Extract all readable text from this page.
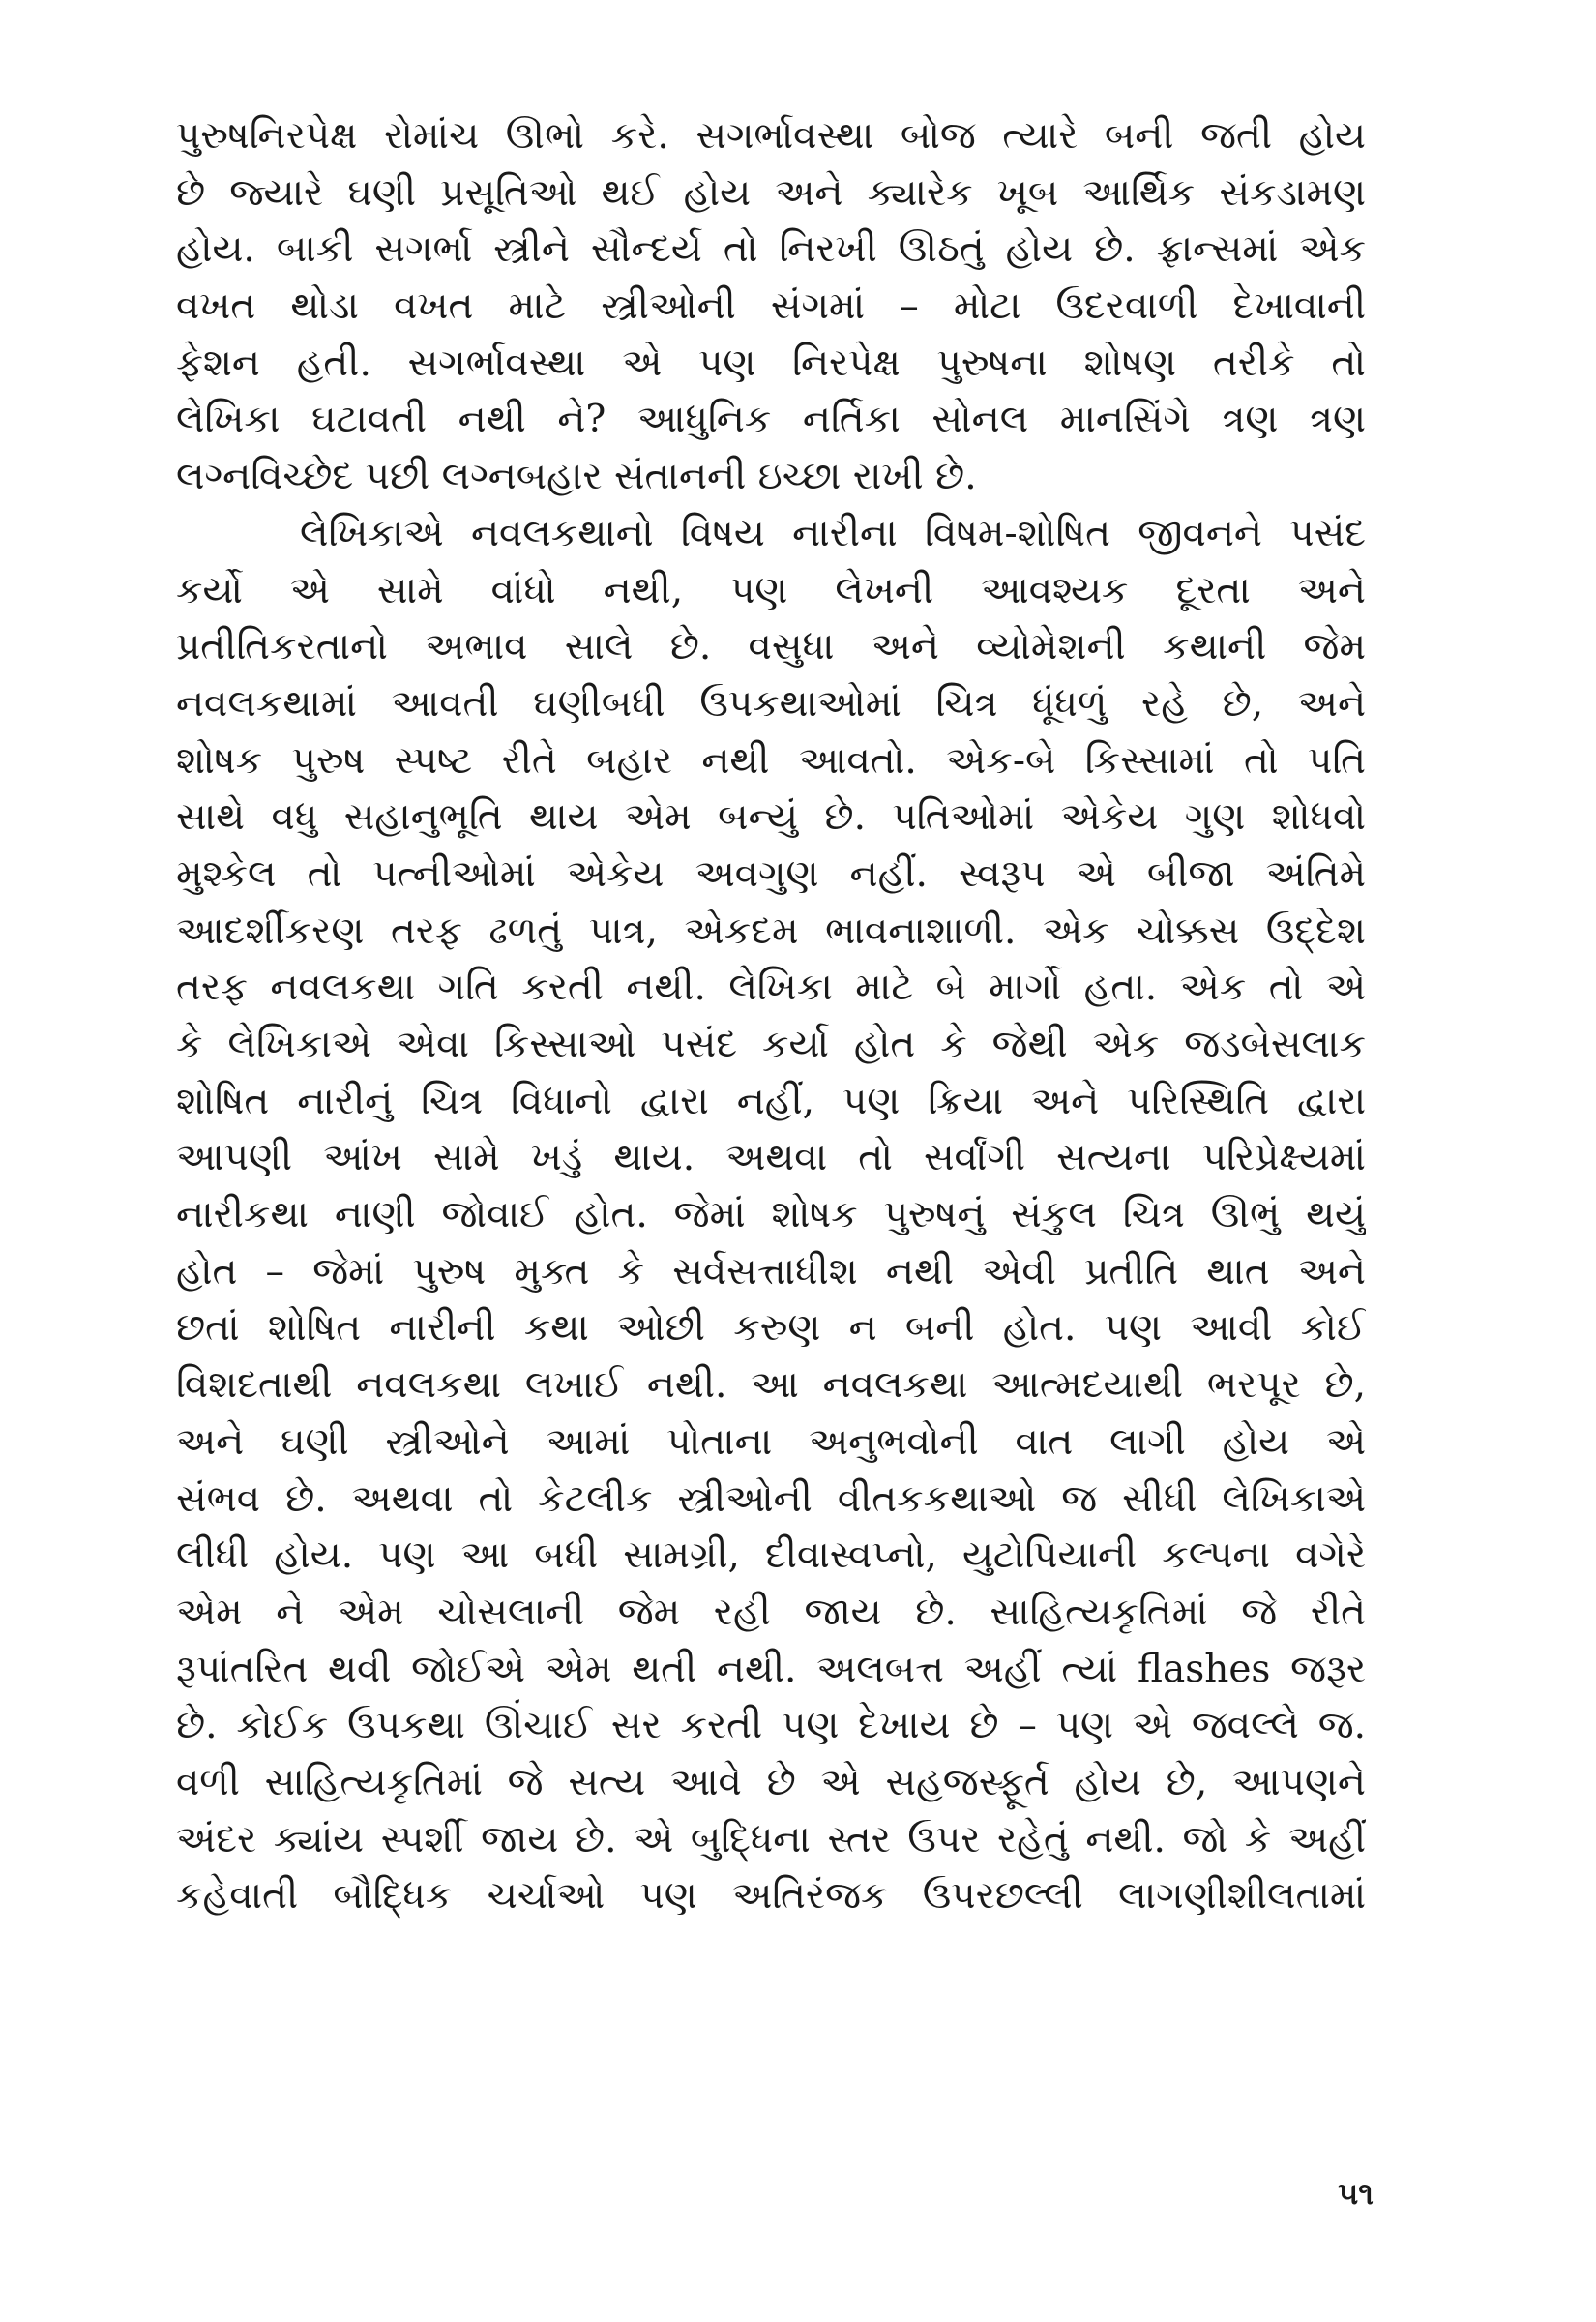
પુરુષનિરપેક્ષ રોમાંચ ઊભો કરે. સગર્ભાવસ્થા બોજ ત્યારે બની જતી હોય
છે જ્યારે ઘણી પ્રસૂતિઓ થઈ હોય અને ક્યારેક ખૂબ આર્થિક સંકડામણ
હોય. બાકી સગર્ભા સ્ત્રીને સૌન્દર્ય તો નિરખી ઊઠતું હોય છે. ફ્રાન્સમાં એક
વખત થોડા વખત માટે સ્ત્રીઓની સંગમાં – મોટા ઉદરવાળી દેખાવાની
ફેશન હતી. સગર્ભાવસ્થા એ પણ નિરપેક્ષ પુરુષના શોષણ તરીકે તો
લેખિકા ઘટાવતી નથી ને? આધુનિક નર્તિકા સોનલ માનસિંગે ત્રણ ત્રણ
લગ્નવિચ્છેદ પછી લગ્નબહાર સંતાનની ઇચ્છા રાખી છે.
લેખિકાએ નવલકથાનો વિષય નારીના વિષમ-શોષિત જીવનને પસંદ
કર્યો એ સામે વાંધો નથી, પણ લેખની આવશ્યક દૂરતા અને
પ્રતીતિકરતાનો અભાવ સાલે છે. વસુધા અને વ્યોમેશની કથાની જેમ
નવલકથામાં આવતી ઘણીબધી ઉપકથાઓમાં ચિત્ર ધૂંધળું રહે છે, અને
શોષક પુરુષ સ્પષ્ટ રીતે બહાર નથી આવતો. એક-બે કિસ્સામાં તો પતિ
સાથે વધુ સહાનુભૂતિ થાય એમ બન્યું છે. પતિઓમાં એકેય ગુણ શોધવો
મુશ્કેલ તો પત્નીઓમાં એકેય અવગુણ નહીં. સ્વરૂપ એ બીજા અંતિમે
આદર્શીકરણ તરફ ઢળતું પાત્ર, એકદમ ભાવનાશાળી. એક ચોક્કસ ઉદ્દેશ
તરફ નવલકથા ગતિ કરતી નથી. લેખિકા માટે બે માર્ગો હતા. એક તો એ
કે લેખિકાએ એવા કિસ્સાઓ પસંદ કર્યા હોત કે જેથી એક જડબેસલાક
શોષિત નારીનું ચિત્ર વિધાનો દ્વારા નહીં, પણ ક્રિયા અને પરિસ્થિતિ દ્વારા
આપણી આંખ સામે ખડું થાય. અથવા તો સર્વાંગી સત્યના પરિપ્રેક્ષ્યમાં
નારીકથા નાણી જોવાઈ હોત. જેમાં શોષક પુરુષનું સંકુલ ચિત્ર ઊભું થયું
હોત – જેમાં પુરુષ મુક્ત કે સર્વસત્તાધીશ નથી એવી પ્રતીતિ થાત અને
છતાં શોષિત નારીની કથા ઓછી કરુણ ન બની હોત. પણ આવી કોઈ
વિશદતાથી નવલકથા લખાઈ નથી. આ નવલકથા આત્મદયાથી ભરપૂર છે,
અને ઘણી સ્ત્રીઓને આમાં પોતાના અનુભવોની વાત લાગી હોય એ
સંભવ છે. અથવા તો કેટલીક સ્ત્રીઓની વીતકકથાઓ જ સીધી લેખિકાએ
લીધી હોય. પણ આ બધી સામગ્રી, દીવાસ્વપ્નો, યુટોપિયાની કલ્પના વગેરે
એમ ને એમ ચોસલાની જેમ રહી જાય છે. સાહિત્યકૃતિમાં જે રીતે
રૂપાંતરિત થવી જોઈએ એમ થતી નથી. અલબત્ત અહીં ત્યાં flashes જરૂર
છે. કોઈક ઉપકથા ઊંચાઈ સર કરતી પણ દેખાય છે – પણ એ જવલ્લે જ.
વળી સાહિત્યકૃતિમાં જે સત્ય આવે છે એ સહજસ્ફૂર્ત હોય છે, આપણને
અંદર ક્યાંય સ્પર્શી જાય છે. એ બુદ્ધિના સ્તર ઉપર રહેતું નથી. જો કે અહીં
કહેવાતી બૌદ્ધિક ચર્ચાઓ પણ અતિરંજક ઉપરછલ્લી લાગણીશીલતામાં
૫૧
